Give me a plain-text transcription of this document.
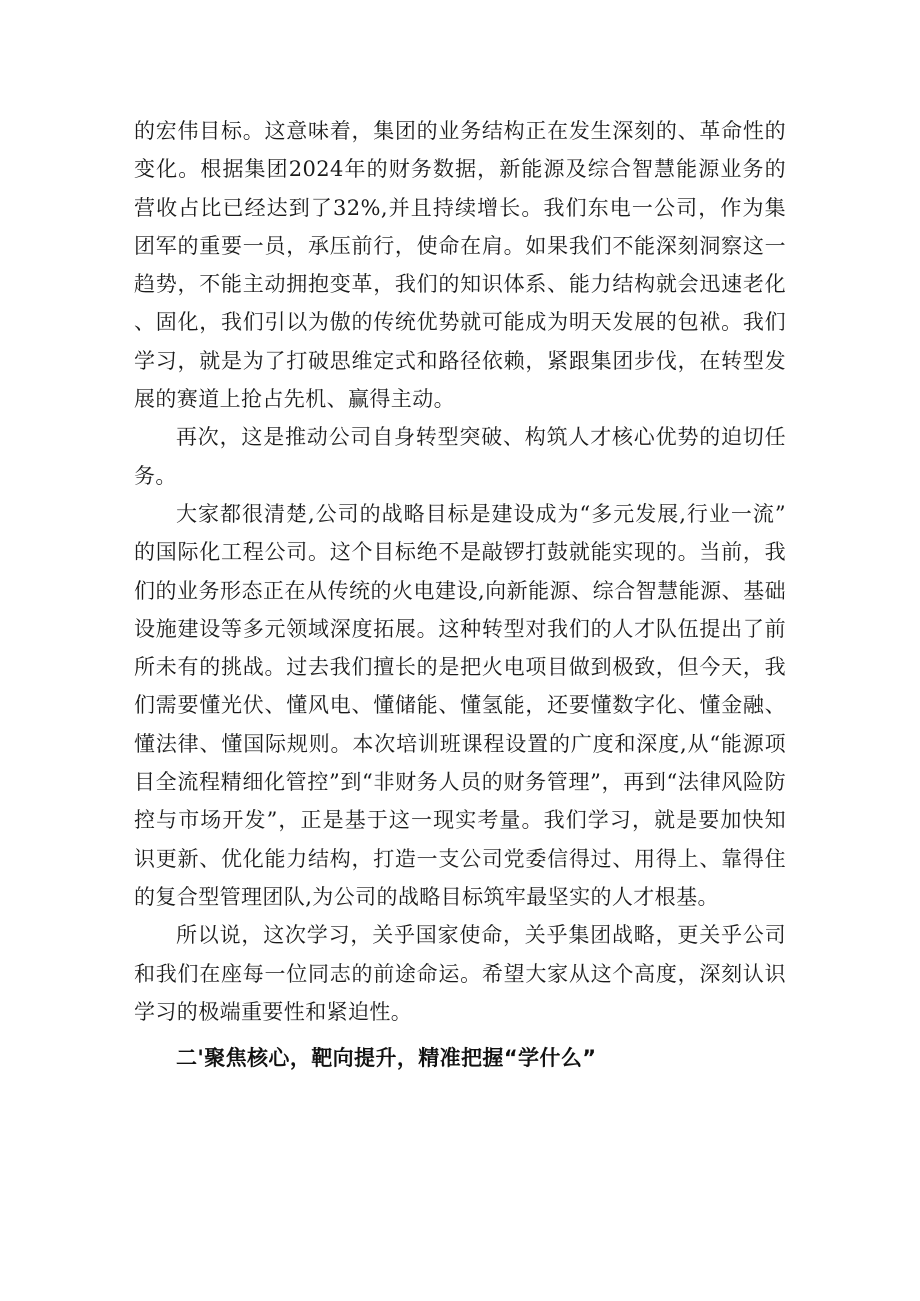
的宏伟目标。这意味着，集团的业务结构正在发生深刻的、革命性的变化。根据集团2024年的财务数据，新能源及综合智慧能源业务的营收占比已经达到了32%,并且持续增长。我们东电一公司，作为集团军的重要一员，承压前行，使命在肩。如果我们不能深刻洞察这一趋势，不能主动拥抱变革，我们的知识体系、能力结构就会迅速老化、固化，我们引以为傲的传统优势就可能成为明天发展的包袱。我们学习，就是为了打破思维定式和路径依赖，紧跟集团步伐，在转型发展的赛道上抢占先机、赢得主动。

再次，这是推动公司自身转型突破、构筑人才核心优势的迫切任务。

大家都很清楚,公司的战略目标是建设成为“多元发展,行业一流”的国际化工程公司。这个目标绝不是敲锣打鼓就能实现的。当前，我们的业务形态正在从传统的火电建设,向新能源、综合智慧能源、基础设施建设等多元领域深度拓展。这种转型对我们的人才队伍提出了前所未有的挑战。过去我们擅长的是把火电项目做到极致，但今天，我们需要懂光伏、懂风电、懂储能、懂氢能，还要懂数字化、懂金融、懂法律、懂国际规则。本次培训班课程设置的广度和深度,从“能源项目全流程精细化管控”到“非财务人员的财务管理”，再到“法律风险防控与市场开发”，正是基于这一现实考量。我们学习，就是要加快知识更新、优化能力结构，打造一支公司党委信得过、用得上、靠得住的复合型管理团队,为公司的战略目标筑牢最坚实的人才根基。

所以说，这次学习，关乎国家使命，关乎集团战略，更关乎公司和我们在座每一位同志的前途命运。希望大家从这个高度，深刻认识学习的极端重要性和紧迫性。

二'聚焦核心，靶向提升，精准把握“学什么”
